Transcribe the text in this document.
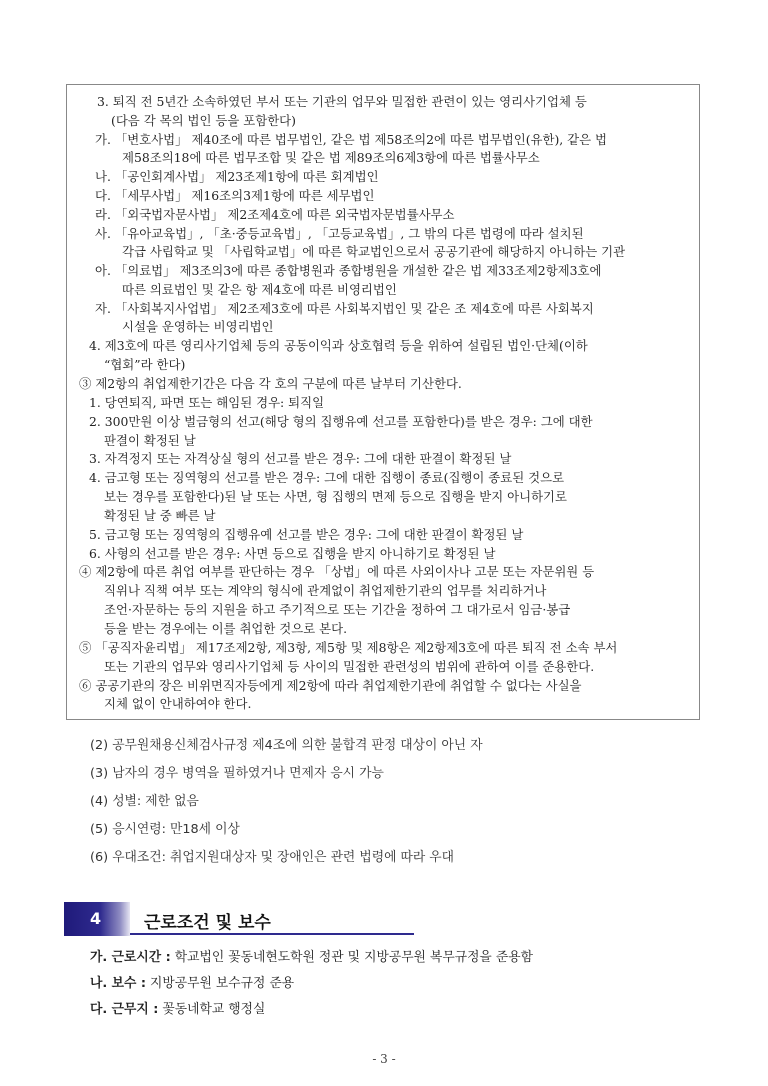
3. 퇴직 전 5년간 소속하였던 부서 또는 기관의 업무와 밀접한 관련이 있는 영리사기업체 등
(다음 각 목의 법인 등을 포함한다)
가. 「변호사법」 제40조에 따른 법무법인, 같은 법 제58조의2에 따른 법무법인(유한), 같은 법
제58조의18에 따른 법무조합 및 같은 법 제89조의6제3항에 따른 법률사무소
나. 「공인회계사법」 제23조제1항에 따른 회계법인
다. 「세무사법」 제16조의3제1항에 따른 세무법인
라. 「외국법자문사법」 제2조제4호에 따른 외국법자문법률사무소
사. 「유아교육법」, 「초·중등교육법」, 「고등교육법」, 그 밖의 다른 법령에 따라 설치된
각급 사립학교 및 「사립학교법」에 따른 학교법인으로서 공공기관에 해당하지 아니하는 기관
아. 「의료법」 제3조의3에 따른 종합병원과 종합병원을 개설한 같은 법 제33조제2항제3호에
따른 의료법인 및 같은 항 제4호에 따른 비영리법인
자. 「사회복지사업법」 제2조제3호에 따른 사회복지법인 및 같은 조 제4호에 따른 사회복지
시설을 운영하는 비영리법인
4. 제3호에 따른 영리사기업체 등의 공동이익과 상호협력 등을 위하여 설립된 법인·단체(이하
“협회”라 한다)
③ 제2항의 취업제한기간은 다음 각 호의 구분에 따른 날부터 기산한다.
1. 당연퇴직, 파면 또는 해임된 경우: 퇴직일
2. 300만원 이상 벌금형의 선고(해당 형의 집행유예 선고를 포함한다)를 받은 경우: 그에 대한
판결이 확정된 날
3. 자격정지 또는 자격상실 형의 선고를 받은 경우: 그에 대한 판결이 확정된 날
4. 금고형 또는 징역형의 선고를 받은 경우: 그에 대한 집행이 종료(집행이 종료된 것으로
보는 경우를 포함한다)된 날 또는 사면, 형 집행의 면제 등으로 집행을 받지 아니하기로
확정된 날 중 빠른 날
5. 금고형 또는 징역형의 집행유예 선고를 받은 경우: 그에 대한 판결이 확정된 날
6. 사형의 선고를 받은 경우: 사면 등으로 집행을 받지 아니하기로 확정된 날
④ 제2항에 따른 취업 여부를 판단하는 경우 「상법」에 따른 사외이사나 고문 또는 자문위원 등
직위나 직책 여부 또는 계약의 형식에 관계없이 취업제한기관의 업무를 처리하거나
조언·자문하는 등의 지원을 하고 주기적으로 또는 기간을 정하여 그 대가로서 임금·봉급
등을 받는 경우에는 이를 취업한 것으로 본다.
⑤ 「공직자윤리법」 제17조제2항, 제3항, 제5항 및 제8항은 제2항제3호에 따른 퇴직 전 소속 부서
또는 기관의 업무와 영리사기업체 등 사이의 밀접한 관련성의 범위에 관하여 이를 준용한다.
⑥ 공공기관의 장은 비위면직자등에게 제2항에 따라 취업제한기관에 취업할 수 없다는 사실을
지체 없이 안내하여야 한다.
(2) 공무원채용신체검사규정 제4조에 의한 불합격 판정 대상이 아닌 자
(3) 남자의 경우 병역을 필하였거나 면제자 응시 가능
(4) 성별: 제한 없음
(5) 응시연령: 만18세 이상
(6) 우대조건: 취업지원대상자 및 장애인은 관련 법령에 따라 우대
4	근로조건 및 보수
가. 근로시간 : 학교법인 꽃동네현도학원 정관 및 지방공무원 복무규정을 준용함
나. 보수 : 지방공무원 보수규정 준용
다. 근무지 : 꽃동네학교 행정실
- 3 -
